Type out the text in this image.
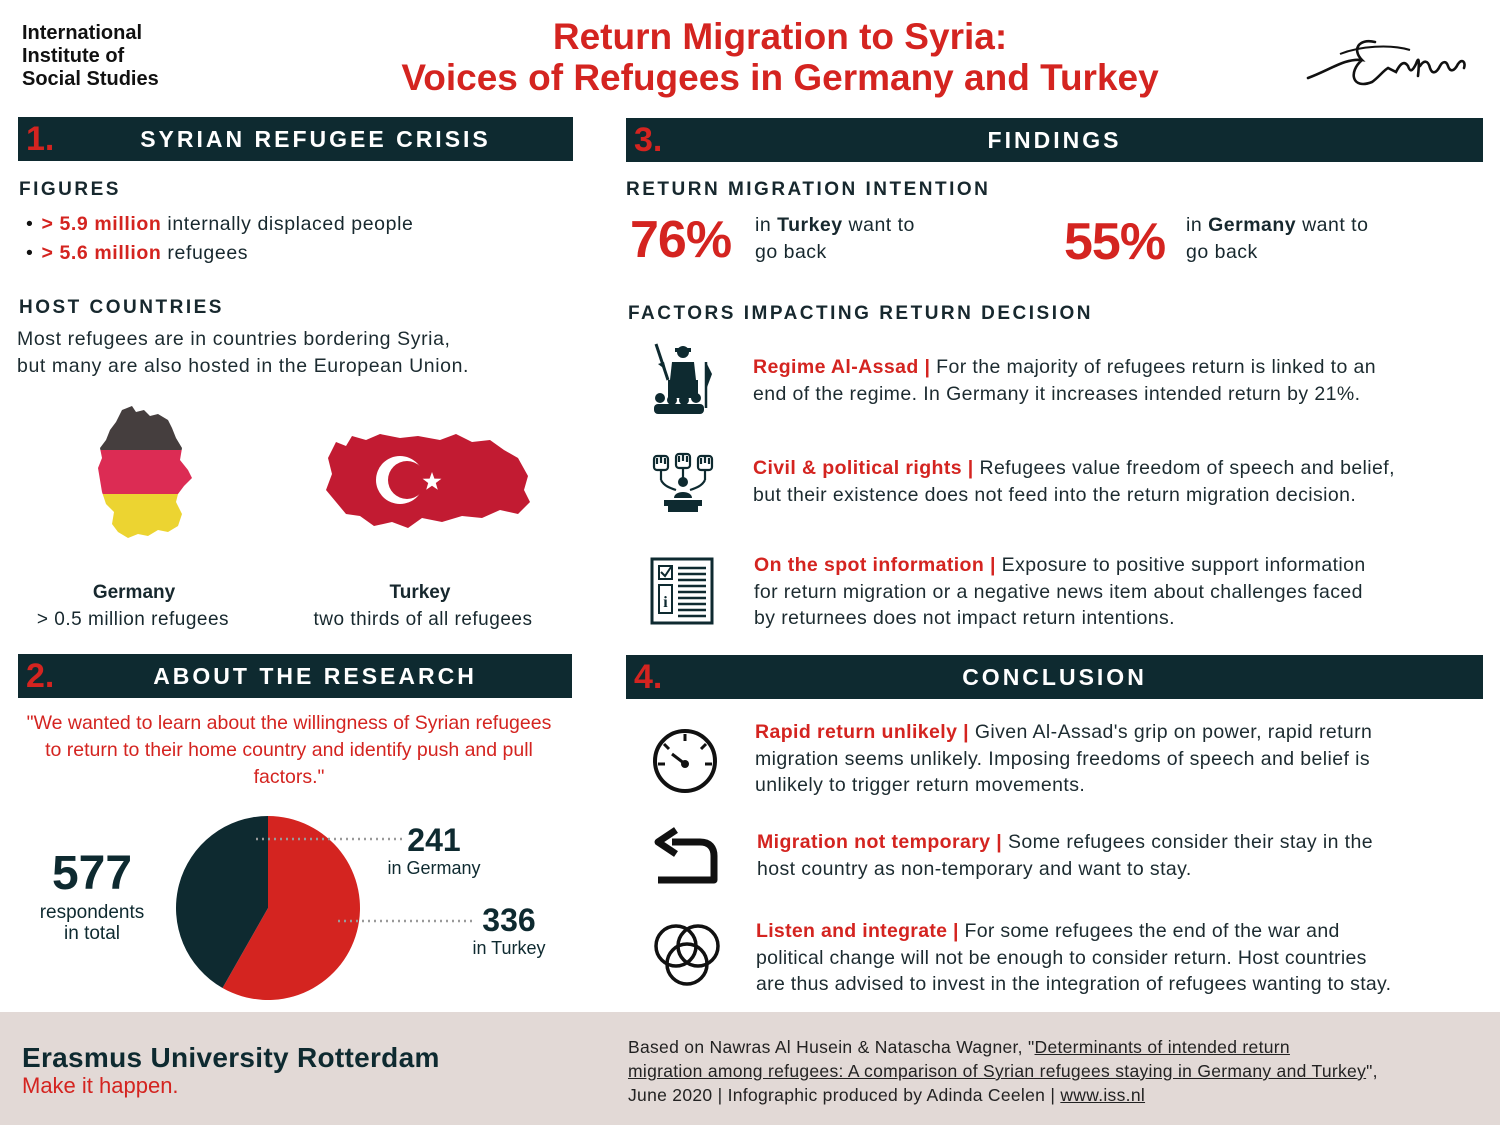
International
Institute of
Social Studies
Return Migration to Syria:
Voices of Refugees in Germany and Turkey
1.	SYRIAN REFUGEE CRISIS
FIGURES
• > 5.9 million internally displaced people
• > 5.6 million refugees
HOST COUNTRIES
Most refugees are in countries bordering Syria,
but many are also hosted in the European Union.
Germany
> 0.5 million refugees
Turkey
two thirds of all refugees
2.	ABOUT THE RESEARCH
"We wanted to learn about the willingness of Syrian refugees to return to their home country and identify push and pull factors."
577
respondents
in total
241
in Germany
336
in Turkey
3.	FINDINGS
RETURN MIGRATION INTENTION
76% in Turkey want to
go back	55% in Germany want to
go back
FACTORS IMPACTING RETURN DECISION
i
Regime Al-Assad | For the majority of refugees return is linked to an
end of the regime. In Germany it increases intended return by 21%.
Civil & political rights | Refugees value freedom of speech and belief,
but their existence does not feed into the return migration decision.
On the spot information | Exposure to positive support information
for return migration or a negative news item about challenges faced
by returnees does not impact return intentions.
4.	CONCLUSION
Rapid return unlikely | Given Al-Assad's grip on power, rapid return
migration seems unlikely. Imposing freedoms of speech and belief is
unlikely to trigger return movements.
Migration not temporary | Some refugees consider their stay in the
host country as non-temporary and want to stay.
Listen and integrate | For some refugees the end of the war and
political change will not be enough to consider return. Host countries
are thus advised to invest in the integration of refugees wanting to stay.
Erasmus University Rotterdam
Make it happen.
Based on Nawras Al Husein & Natascha Wagner, "Determinants of intended return
migration among refugees: A comparison of Syrian refugees staying in Germany and Turkey",
June 2020 | Infographic produced by Adinda Ceelen | www.iss.nl
